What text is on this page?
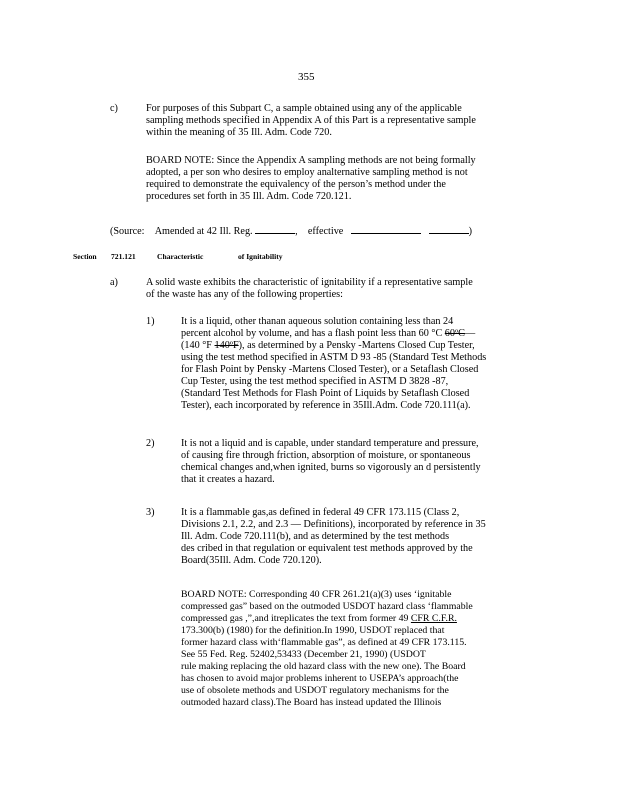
355
c)	For purposes of this Subpart C, a sample obtained using any of the applicable
sampling methods specified in Appendix A of this Part is a representative sample
within the meaning of 35 Ill. Adm. Code 720.
BOARD NOTE: Since the Appendix A sampling methods are not being formally
adopted, a per son who desires to employ analternative sampling method is not
required to demonstrate the equivalency of the person’s method under the
procedures set forth in 35 Ill. Adm. Code 720.121.
(Source: Amended at 42 Ill. Reg.	, effective	)
Section 721.121	Characteristic	of Ignitability
a)	A solid waste exhibits the characteristic of ignitability if a representative sample
of the waste has any of the following properties:
1)	It is a liquid, other thanan aqueous solution containing less than 24
percent alcohol by volume, and has a flash point less than 60 °C 60ºC—
(140 °F 140ºF), as determined by a Pensky -Martens Closed Cup Tester,
using the test method specified in ASTM D 93 -85 (Standard Test Methods
for Flash Point by Pensky -Martens Closed Tester), or a Setaflash Closed
Cup Tester, using the test method specified in ASTM D 3828 -87,
(Standard Test Methods for Flash Point of Liquids by Setaflash Closed
Tester), each incorporated by reference in 35Ill.Adm. Code 720.111(a).
2)	It is not a liquid and is capable, under standard temperature and pressure,
of causing fire through friction, absorption of moisture, or spontaneous
chemical changes and,when ignited, burns so vigorously an d persistently
that it creates a hazard.
3)	It is a flammable gas,as defined in federal 49 CFR 173.115 (Class 2,
Divisions 2.1, 2.2, and 2.3 — Definitions), incorporated by reference in 35
Ill. Adm. Code 720.111(b), and as determined by the test methods
des cribed in that regulation or equivalent test methods approved by the
Board(35Ill. Adm. Code 720.120).
BOARD NOTE: Corresponding 40 CFR 261.21(a)(3) uses ‘ignitable
compressed gas” based on the outmoded USDOT hazard class ‘flammable
compressed gas ,”,and itreplicates the text from former 49 CFR C.F.R.
173.300(b) (1980) for the definition.In 1990, USDOT replaced that
former hazard class with‘flammable gas”, as defined at 49 CFR 173.115.
See 55 Fed. Reg. 52402,53433 (December 21, 1990) (USDOT
rule making replacing the old hazard class with the new one). The Board
has chosen to avoid major problems inherent to USEPA’s approach(the
use of obsolete methods and USDOT regulatory mechanisms for the
outmoded hazard class).The Board has instead updated the Illinois
